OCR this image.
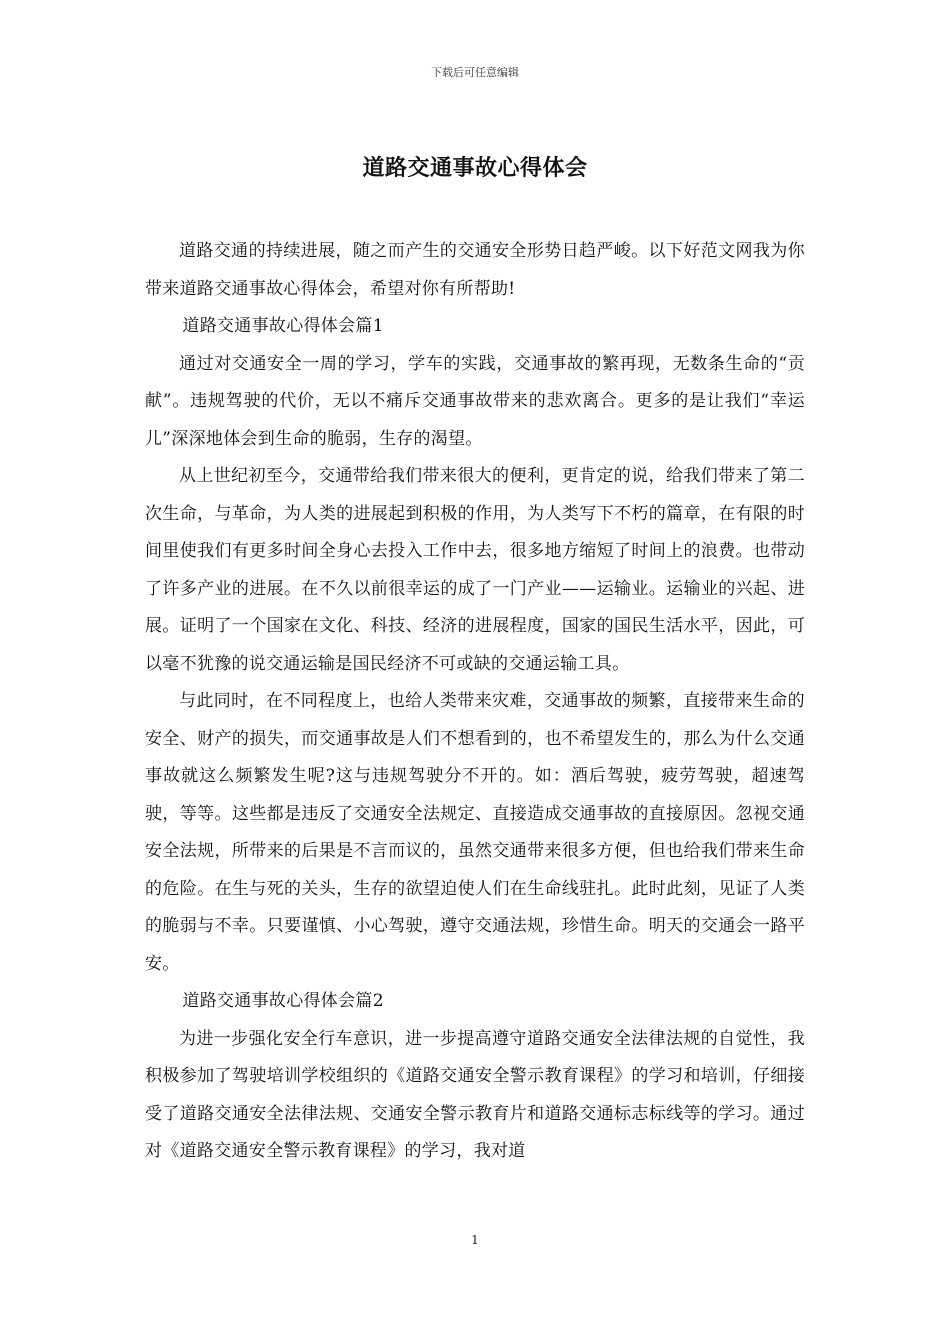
下载后可任意编辑
道路交通事故心得体会

道路交通的持续进展，随之而产生的交通安全形势日趋严峻。以下好范文网我为你带来道路交通事故心得体会，希望对你有所帮助!

道路交通事故心得体会篇1

通过对交通安全一周的学习，学车的实践，交通事故的繁再现，无数条生命的“贡献”。违规驾驶的代价，无以不痛斥交通事故带来的悲欢离合。更多的是让我们“幸运儿”深深地体会到生命的脆弱，生存的渴望。

从上世纪初至今，交通带给我们带来很大的便利，更肯定的说，给我们带来了第二次生命，与革命，为人类的进展起到积极的作用，为人类写下不朽的篇章，在有限的时间里使我们有更多时间全身心去投入工作中去，很多地方缩短了时间上的浪费。也带动了许多产业的进展。在不久以前很幸运的成了一门产业——运输业。运输业的兴起、进展。证明了一个国家在文化、科技、经济的进展程度，国家的国民生活水平，因此，可以毫不犹豫的说交通运输是国民经济不可或缺的交通运输工具。

与此同时，在不同程度上，也给人类带来灾难，交通事故的频繁，直接带来生命的安全、财产的损失，而交通事故是人们不想看到的，也不希望发生的，那么为什么交通事故就这么频繁发生呢?这与违规驾驶分不开的。如：酒后驾驶，疲劳驾驶，超速驾驶，等等。这些都是违反了交通安全法规定、直接造成交通事故的直接原因。忽视交通安全法规，所带来的后果是不言而议的，虽然交通带来很多方便，但也给我们带来生命的危险。在生与死的关头，生存的欲望迫使人们在生命线驻扎。此时此刻，见证了人类的脆弱与不幸。只要谨慎、小心驾驶，遵守交通法规，珍惜生命。明天的交通会一路平安。

道路交通事故心得体会篇2

为进一步强化安全行车意识，进一步提高遵守道路交通安全法律法规的自觉性，我积极参加了驾驶培训学校组织的《道路交通安全警示教育课程》的学习和培训，仔细接受了道路交通安全法律法规、交通安全警示教育片和道路交通标志标线等的学习。通过对《道路交通安全警示教育课程》的学习，我对道

1
